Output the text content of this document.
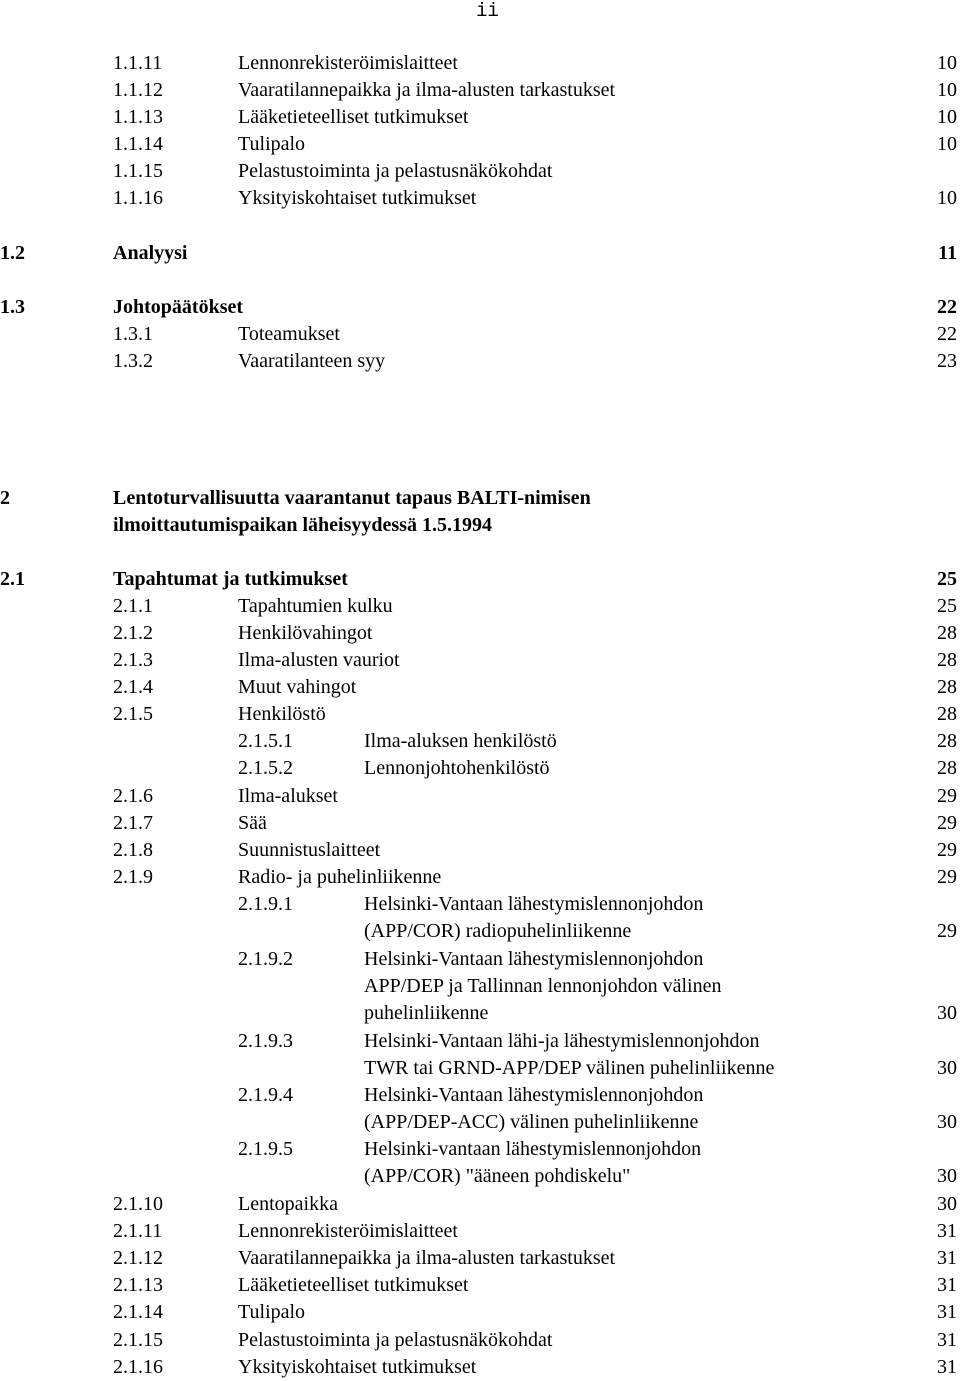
ii
1.1.11	Lennonrekisteröimislaitteet	10
1.1.12	Vaaratilannepaikka ja ilma-alusten tarkastukset	10
1.1.13	Lääketieteelliset tutkimukset	10
1.1.14	Tulipalo	10
1.1.15	Pelastustoiminta ja pelastusnäkökohdat
1.1.16	Yksityiskohtaiset tutkimukset	10
1.2	Analyysi	11
1.3	Johtopäätökset	22
1.3.1	Toteamukset	22
1.3.2	Vaaratilanteen syy	23
2	Lentoturvallisuutta vaarantanut tapaus BALTI-nimisen
ilmoittautumispaikan läheisyydessä 1.5.1994
2.1	Tapahtumat ja tutkimukset	25
2.1.1	Tapahtumien kulku	25
2.1.2	Henkilövahingot	28
2.1.3	Ilma-alusten vauriot	28
2.1.4	Muut vahingot	28
2.1.5	Henkilöstö	28
2.1.5.1	Ilma-aluksen henkilöstö	28
2.1.5.2	Lennonjohtohenkilöstö	28
2.1.6	Ilma-alukset	29
2.1.7	Sää	29
2.1.8	Suunnistuslaitteet	29
2.1.9	Radio- ja puhelinliikenne	29
2.1.9.1	Helsinki-Vantaan lähestymislennonjohdon
(APP/COR) radiopuhelinliikenne	29
2.1.9.2	Helsinki-Vantaan lähestymislennonjohdon
APP/DEP ja Tallinnan lennonjohdon välinen
puhelinliikenne	30
2.1.9.3	Helsinki-Vantaan lähi-ja lähestymislennonjohdon
TWR tai GRND-APP/DEP välinen puhelinliikenne	30
2.1.9.4	Helsinki-Vantaan lähestymislennonjohdon
(APP/DEP-ACC) välinen puhelinliikenne	30
2.1.9.5	Helsinki-vantaan lähestymislennonjohdon
(APP/COR) "ääneen pohdiskelu"	30
2.1.10	Lentopaikka	30
2.1.11	Lennonrekisteröimislaitteet	31
2.1.12	Vaaratilannepaikka ja ilma-alusten tarkastukset	31
2.1.13	Lääketieteelliset tutkimukset	31
2.1.14	Tulipalo	31
2.1.15	Pelastustoiminta ja pelastusnäkökohdat	31
2.1.16	Yksityiskohtaiset tutkimukset	31
